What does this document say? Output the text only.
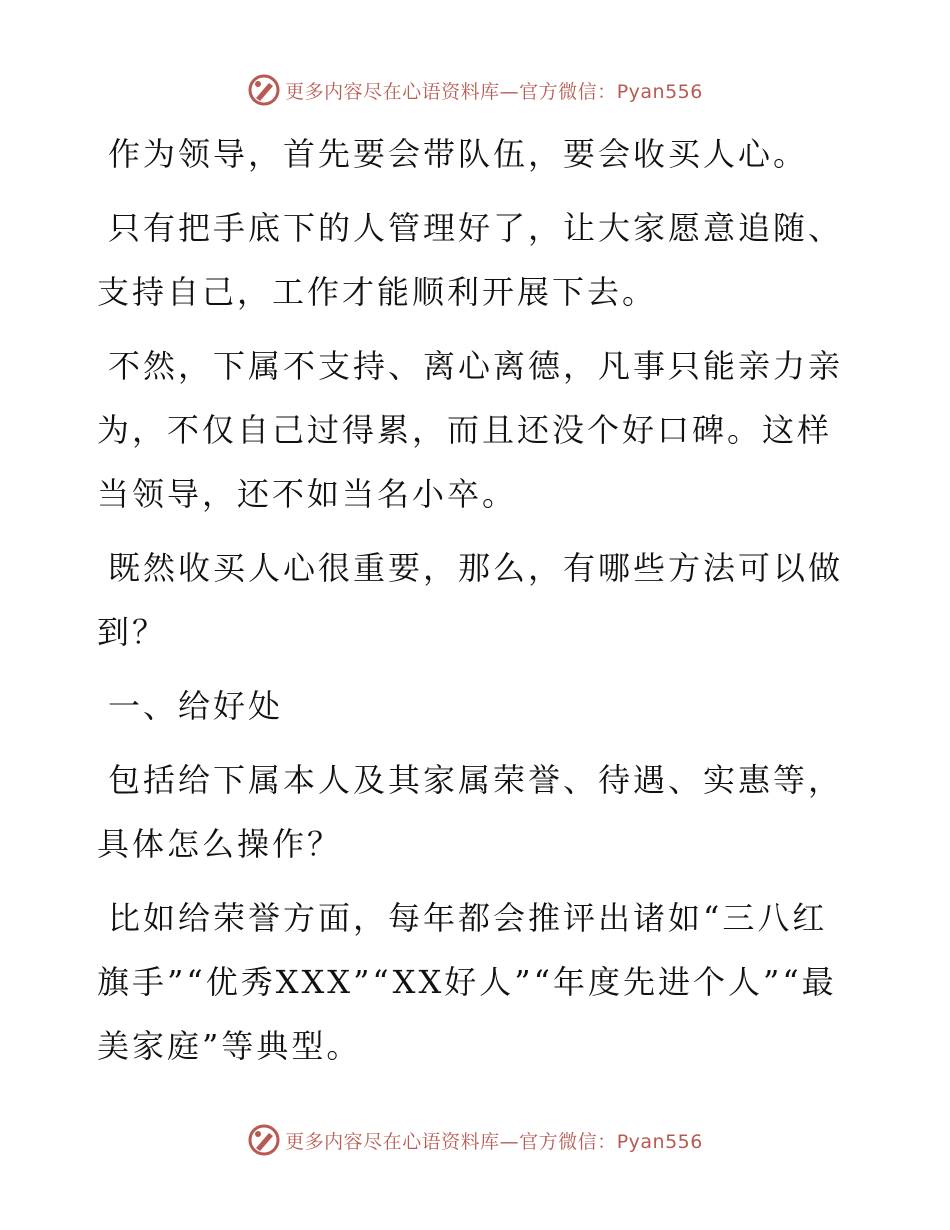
更多内容尽在心语资料库—官方微信：Pyan556

作为领导，首先要会带队伍，要会收买人心。

只有把手底下的人管理好了，让大家愿意追随、支持自己，工作才能顺利开展下去。

不然，下属不支持、离心离德，凡事只能亲力亲为，不仅自己过得累，而且还没个好口碑。这样当领导，还不如当名小卒。

既然收买人心很重要，那么，有哪些方法可以做到？

一、给好处

包括给下属本人及其家属荣誉、待遇、实惠等，具体怎么操作？

比如给荣誉方面，每年都会推评出诸如“三八红旗手”“优秀XXX”“XX好人”“年度先进个人”“最美家庭”等典型。

更多内容尽在心语资料库—官方微信：Pyan556
